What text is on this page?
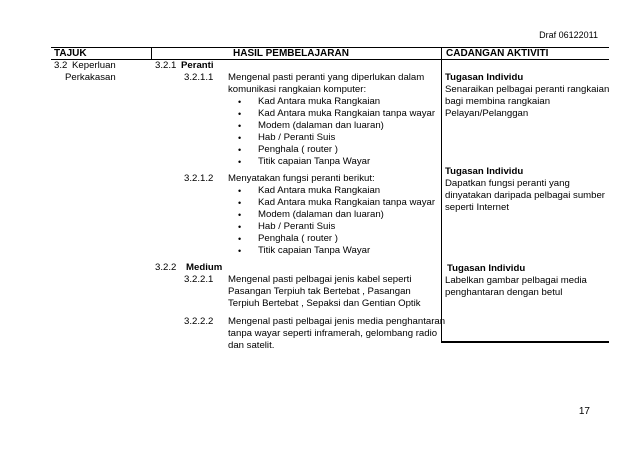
Draf 06122011
TAJUK	HASIL PEMBELAJARAN	CADANGAN AKTIVITI
3.2 Keperluan
Perkakasan
3.2.1 Peranti
3.2.1.1 Mengenal pasti peranti yang diperlukan dalam
komunikasi rangkaian komputer:
• Kad Antara muka Rangkaian
• Kad Antara muka Rangkaian tanpa wayar
• Modem (dalaman dan luaran)
• Hab / Peranti Suis
• Penghala ( router )
• Titik capaian Tanpa Wayar
Tugasan Individu
Senaraikan pelbagai peranti rangkaian
bagi membina rangkaian
Pelayan/Pelanggan
3.2.1.2 Menyatakan fungsi peranti berikut:
• Kad Antara muka Rangkaian
• Kad Antara muka Rangkaian tanpa wayar
• Modem (dalaman dan luaran)
• Hab / Peranti Suis
• Penghala ( router )
• Titik capaian Tanpa Wayar
Tugasan Individu
Dapatkan fungsi peranti yang
dinyatakan daripada pelbagai sumber
seperti Internet
3.2.2 Medium
3.2.2.1 Mengenal pasti pelbagai jenis kabel seperti
Pasangan Terpiuh tak Bertebat , Pasangan
Terpiuh Bertebat , Sepaksi dan Gentian Optik
Tugasan Individu
Labelkan gambar pelbagai media
penghantaran dengan betul
3.2.2.2 Mengenal pasti pelbagai jenis media penghantaran
tanpa wayar seperti inframerah, gelombang radio
dan satelit.
17
